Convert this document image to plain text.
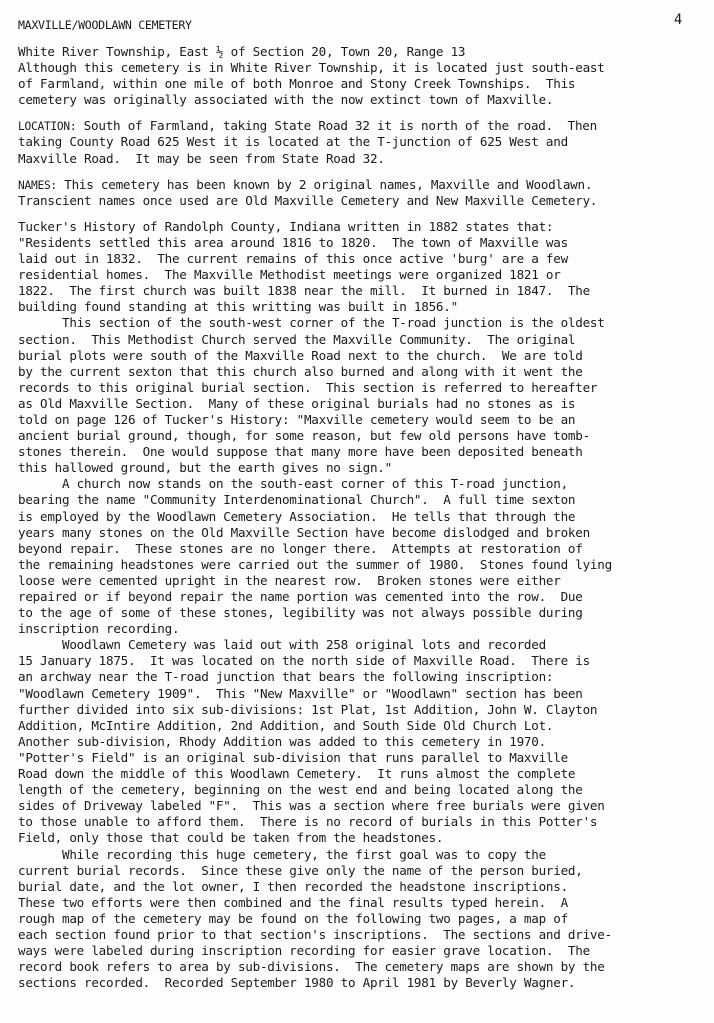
4
MAXVILLE/WOODLAWN CEMETERY
White River Township, East ½ of Section 20, Town 20, Range 13
Although this cemetery is in White River Township, it is located just south-east
of Farmland, within one mile of both Monroe and Stony Creek Townships.  This
cemetery was originally associated with the now extinct town of Maxville.
LOCATION: South of Farmland, taking State Road 32 it is north of the road.  Then
taking County Road 625 West it is located at the T-junction of 625 West and
Maxville Road.  It may be seen from State Road 32.
NAMES: This cemetery has been known by 2 original names, Maxville and Woodlawn.
Transcient names once used are Old Maxville Cemetery and New Maxville Cemetery.
Tucker's History of Randolph County, Indiana written in 1882 states that:
"Residents settled this area around 1816 to 1820.  The town of Maxville was
laid out in 1832.  The current remains of this once active 'burg' are a few
residential homes.  The Maxville Methodist meetings were organized 1821 or
1822.  The first church was built 1838 near the mill.  It burned in 1847.  The
building found standing at this writting was built in 1856."
This section of the south-west corner of the T-road junction is the oldest
section.  This Methodist Church served the Maxville Community.  The original
burial plots were south of the Maxville Road next to the church.  We are told
by the current sexton that this church also burned and along with it went the
records to this original burial section.  This section is referred to hereafter
as Old Maxville Section.  Many of these original burials had no stones as is
told on page 126 of Tucker's History: "Maxville cemetery would seem to be an
ancient burial ground, though, for some reason, but few old persons have tomb-
stones therein.  One would suppose that many more have been deposited beneath
this hallowed ground, but the earth gives no sign."
A church now stands on the south-east corner of this T-road junction,
bearing the name "Community Interdenominational Church".  A full time sexton
is employed by the Woodlawn Cemetery Association.  He tells that through the
years many stones on the Old Maxville Section have become dislodged and broken
beyond repair.  These stones are no longer there.  Attempts at restoration of
the remaining headstones were carried out the summer of 1980.  Stones found lying
loose were cemented upright in the nearest row.  Broken stones were either
repaired or if beyond repair the name portion was cemented into the row.  Due
to the age of some of these stones, legibility was not always possible during
inscription recording.
Woodlawn Cemetery was laid out with 258 original lots and recorded
15 January 1875.  It was located on the north side of Maxville Road.  There is
an archway near the T-road junction that bears the following inscription:
"Woodlawn Cemetery 1909".  This "New Maxville" or "Woodlawn" section has been
further divided into six sub-divisions: 1st Plat, 1st Addition, John W. Clayton
Addition, McIntire Addition, 2nd Addition, and South Side Old Church Lot.
Another sub-division, Rhody Addition was added to this cemetery in 1970.
"Potter's Field" is an original sub-division that runs parallel to Maxville
Road down the middle of this Woodlawn Cemetery.  It runs almost the complete
length of the cemetery, beginning on the west end and being located along the
sides of Driveway labeled "F".  This was a section where free burials were given
to those unable to afford them.  There is no record of burials in this Potter's
Field, only those that could be taken from the headstones.
While recording this huge cemetery, the first goal was to copy the
current burial records.  Since these give only the name of the person buried,
burial date, and the lot owner, I then recorded the headstone inscriptions.
These two efforts were then combined and the final results typed herein.  A
rough map of the cemetery may be found on the following two pages, a map of
each section found prior to that section's inscriptions.  The sections and drive-
ways were labeled during inscription recording for easier grave location.  The
record book refers to area by sub-divisions.  The cemetery maps are shown by the
sections recorded.  Recorded September 1980 to April 1981 by Beverly Wagner.
